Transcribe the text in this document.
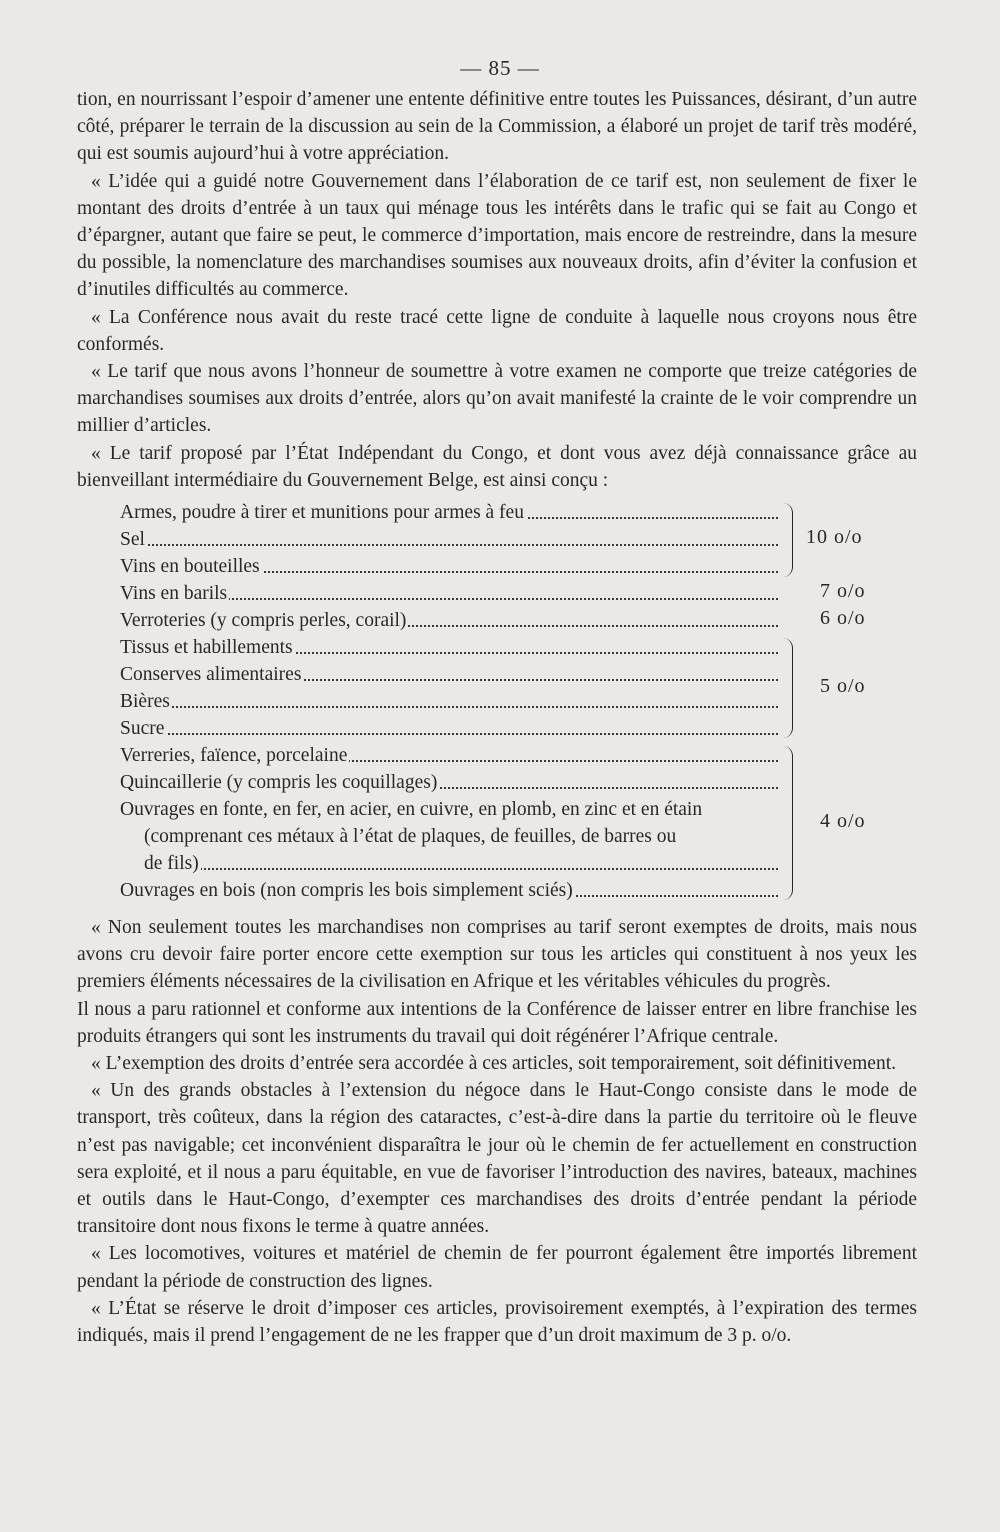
— 85 —

tion, en nourrissant l’espoir d’amener une entente définitive entre toutes les Puissances, désirant, d’un autre côté, préparer le terrain de la discussion au sein de la Commission, a élaboré un projet de tarif très modéré, qui est soumis aujourd’hui à votre appréciation.

« L’idée qui a guidé notre Gouvernement dans l’élaboration de ce tarif est, non seulement de fixer le montant des droits d’entrée à un taux qui ménage tous les intérêts dans le trafic qui se fait au Congo et d’épargner, autant que faire se peut, le commerce d’importation, mais encore de restreindre, dans la mesure du possible, la nomenclature des marchandises soumises aux nouveaux droits, afin d’éviter la confusion et d’inutiles difficultés au commerce.

« La Conférence nous avait du reste tracé cette ligne de conduite à laquelle nous croyons nous être conformés.

« Le tarif que nous avons l’honneur de soumettre à votre examen ne comporte que treize catégories de marchandises soumises aux droits d’entrée, alors qu’on avait manifesté la crainte de le voir comprendre un millier d’articles.

« Le tarif proposé par l’État Indépendant du Congo, et dont vous avez déjà connaissance grâce au bienveillant intermédiaire du Gouvernement Belge, est ainsi conçu :

Armes, poudre à tirer et munitions pour armes à feu
Sel
Vins en bouteilles
Vins en barils
Verroteries (y compris perles, corail)
Tissus et habillements
Conserves alimentaires
Bières
Sucre
Verreries, faïence, porcelaine
Quincaillerie (y compris les coquillages)
Ouvrages en fonte, en fer, en acier, en cuivre, en plomb, en zinc et en étain
(comprenant ces métaux à l’état de plaques, de feuilles, de barres ou
de fils)
Ouvrages en bois (non compris les bois simplement sciés)
10 o/o
7 o/o
6 o/o
5 o/o
4 o/o

« Non seulement toutes les marchandises non comprises au tarif seront exemptes de droits, mais nous avons cru devoir faire porter encore cette exemption sur tous les articles qui constituent à nos yeux les premiers éléments nécessaires de la civilisation en Afrique et les véritables véhicules du progrès.

Il nous a paru rationnel et conforme aux intentions de la Conférence de laisser entrer en libre franchise les produits étrangers qui sont les instruments du travail qui doit régénérer l’Afrique centrale.

« L’exemption des droits d’entrée sera accordée à ces articles, soit temporairement, soit définitivement.

« Un des grands obstacles à l’extension du négoce dans le Haut-Congo consiste dans le mode de transport, très coûteux, dans la région des cataractes, c’est-à-dire dans la partie du territoire où le fleuve n’est pas navigable; cet inconvénient disparaîtra le jour où le chemin de fer actuellement en construction sera exploité, et il nous a paru équitable, en vue de favoriser l’introduction des navires, bateaux, machines et outils dans le Haut-Congo, d’exempter ces marchandises des droits d’entrée pendant la période transitoire dont nous fixons le terme à quatre années.

« Les locomotives, voitures et matériel de chemin de fer pourront également être importés librement pendant la période de construction des lignes.

« L’État se réserve le droit d’imposer ces articles, provisoirement exemptés, à l’expiration des termes indiqués, mais il prend l’engagement de ne les frapper que d’un droit maximum de 3 p. o/o.
